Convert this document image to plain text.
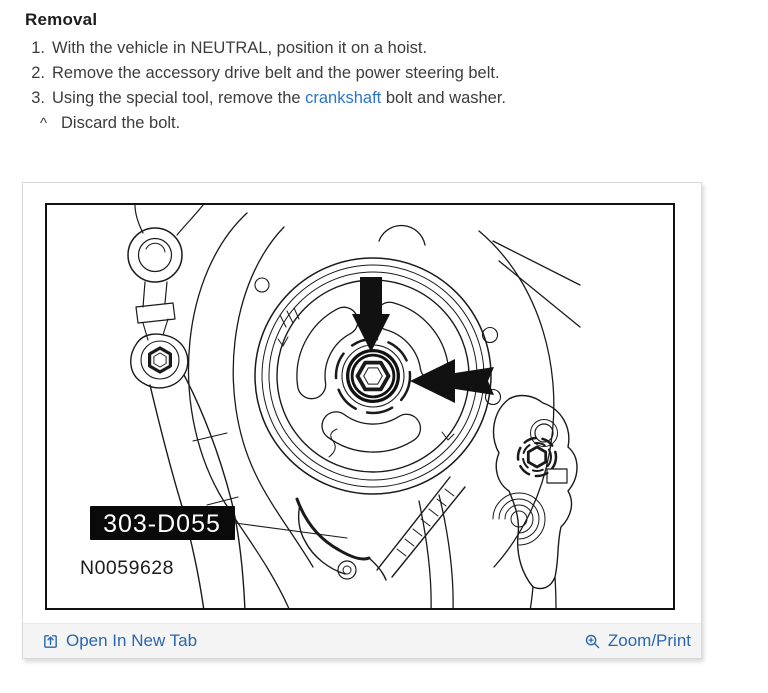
Removal
1. With the vehicle in NEUTRAL, position it on a hoist.
2. Remove the accessory drive belt and the power steering belt.
3. Using the special tool, remove the crankshaft bolt and washer.
^ Discard the bolt.
303-D055
N0059628
Open In New Tab	Zoom/Print
